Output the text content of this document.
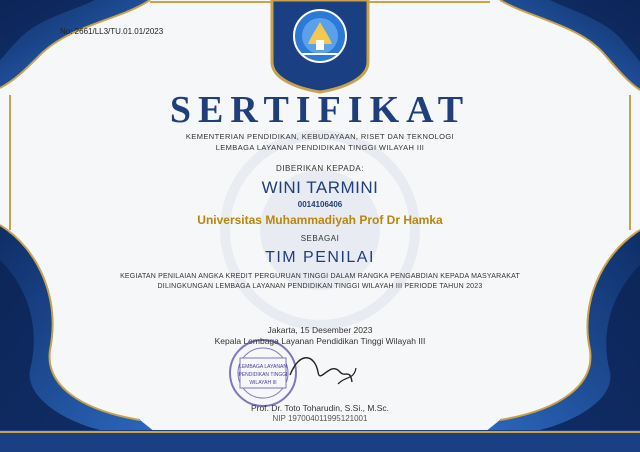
No: 2661/LL3/TU.01.01/2023
SERTIFIKAT
KEMENTERIAN PENDIDIKAN, KEBUDAYAAN, RISET DAN TEKNOLOGI
LEMBAGA LAYANAN PENDIDIKAN TINGGI WILAYAH III
DIBERIKAN KEPADA:
WINI TARMINI
0014106406
Universitas Muhammadiyah Prof Dr Hamka
SEBAGAI
TIM PENILAI
KEGIATAN PENILAIAN ANGKA KREDIT PERGURUAN TINGGI DALAM RANGKA PENGABDIAN KEPADA MASYARAKAT
DILINGKUNGAN LEMBAGA LAYANAN PENDIDIKAN TINGGI WILAYAH III PERIODE TAHUN 2023
Jakarta, 15 Desember 2023
Kepala Lembaga Layanan Pendidikan Tinggi Wilayah III
LEMBAGA LAYANAN
PENDIDIKAN TINGGI
WILAYAH III
Prof. Dr. Toto Toharudin, S.Si., M.Sc.
NIP 197004011995121001
